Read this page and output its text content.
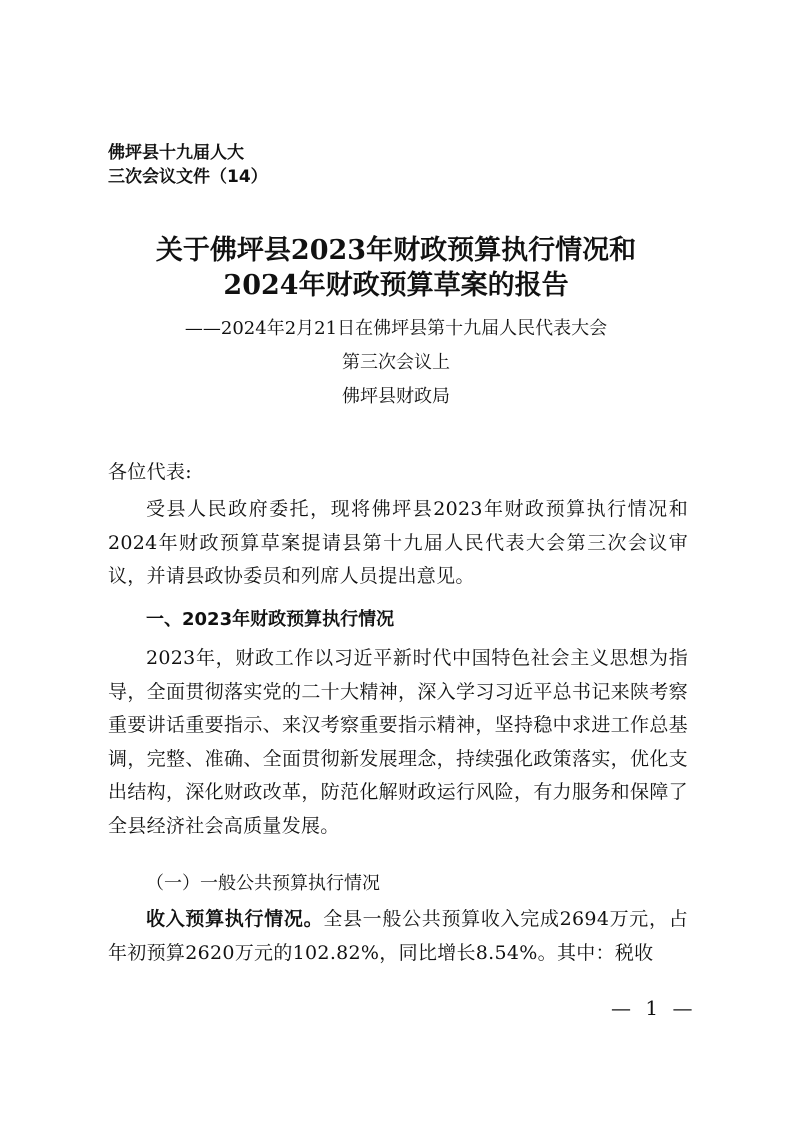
佛坪县十九届人大
三次会议文件（14）
关于佛坪县2023年财政预算执行情况和
2024年财政预算草案的报告
——2024年2月21日在佛坪县第十九届人民代表大会
第三次会议上
佛坪县财政局
各位代表:
受县人民政府委托，现将佛坪县2023年财政预算执行情况和2024年财政预算草案提请县第十九届人民代表大会第三次会议审议，并请县政协委员和列席人员提出意见。
一、2023年财政预算执行情况
2023年，财政工作以习近平新时代中国特色社会主义思想为指导，全面贯彻落实党的二十大精神，深入学习习近平总书记来陕考察重要讲话重要指示、来汉考察重要指示精神，坚持稳中求进工作总基调，完整、准确、全面贯彻新发展理念，持续强化政策落实，优化支出结构，深化财政改革，防范化解财政运行风险，有力服务和保障了全县经济社会高质量发展。
（一）一般公共预算执行情况
收入预算执行情况。全县一般公共预算收入完成2694万元，占年初预算2620万元的102.82%，同比增长8.54%。其中：税收
— 1 —
